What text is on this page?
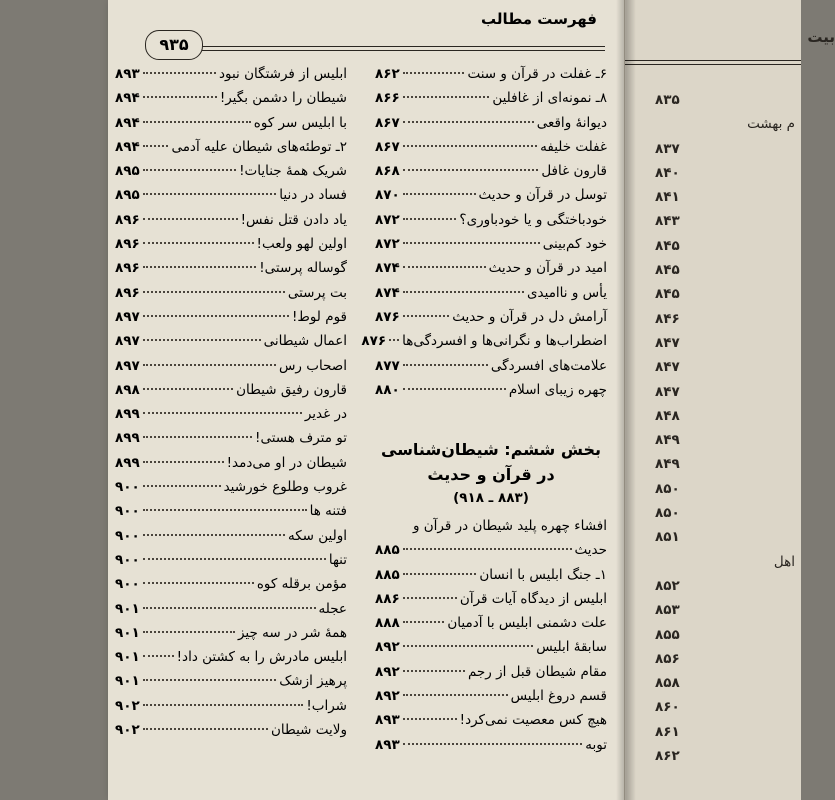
بیت
۸۳۵
م بهشت
۸۳۷
۸۴۰
۸۴۱
۸۴۳
۸۴۵
۸۴۵
۸۴۵
۸۴۶
۸۴۷
۸۴۷
۸۴۷
۸۴۸
۸۴۹
۸۴۹
۸۵۰
۸۵۰
۸۵۱
اهل
۸۵۲
۸۵۳
۸۵۵
۸۵۶
۸۵۸
۸۶۰
۸۶۱
۸۶۲
فهرست مطالب
۹۳۵
۶ـ غفلت در قرآن و سنت
۸۶۲
۸ـ نمونه‌ای از غافلین
۸۶۶
دیوانهٔ واقعی
۸۶۷
غفلت خلیفه
۸۶۷
قارون غافل
۸۶۸
توسل در قرآن و حدیث
۸۷۰
خودباختگی و یا خودباوری؟
۸۷۲
خود کم‌بینی
۸۷۲
امید در قرآن و حدیث
۸۷۴
یأس و ناامیدی
۸۷۴
آرامش دل در قرآن و حدیث
۸۷۶
اضطراب‌ها و نگرانی‌ها و افسردگی‌ها
۸۷۶
علامت‌های افسردگی
۸۷۷
چهره زیبای اسلام
۸۸۰
بخش ششم: شیطان‌شناسی
در قرآن و حدیث
(۸۸۳ ـ ۹۱۸)
افشاء چهره پلید شیطان در قرآن و
حدیث
۸۸۵
۱ـ جنگ ابلیس با انسان
۸۸۵
ابلیس از دیدگاه آیات قرآن
۸۸۶
علت دشمنی ابلیس با آدمیان
۸۸۸
سابقهٔ ابلیس
۸۹۲
مقام شیطان قبل از رجم
۸۹۲
قسم دروغ ابلیس
۸۹۲
هیچ کس معصیت نمی‌کرد!
۸۹۳
توبه
۸۹۳
ابلیس از فرشتگان نبود
۸۹۳
شیطان را دشمن بگیر!
۸۹۴
با ابلیس سر کوه
۸۹۴
۲ـ توطئه‌های شیطان علیه آدمی
۸۹۴
شریک همهٔ جنایات!
۸۹۵
فساد در دنیا
۸۹۵
یاد دادن قتل نفس!
۸۹۶
اولین لهو ولعب!
۸۹۶
گوساله پرستی!
۸۹۶
بت پرستی
۸۹۶
قوم لوط!
۸۹۷
اعمال شیطانی
۸۹۷
اصحاب رس
۸۹۷
قارون رفیق شیطان
۸۹۸
در غدیر
۸۹۹
تو مترف هستی!
۸۹۹
شیطان در او می‌دمد!
۸۹۹
غروب وطلوع خورشید
۹۰۰
فتنه ها
۹۰۰
اولین سکه
۹۰۰
تنها
۹۰۰
مؤمن برقله کوه
۹۰۰
عجله
۹۰۱
همهٔ شر در سه چیز
۹۰۱
ابلیس مادرش را به کشتن داد!
۹۰۱
پرهیز ازشک
۹۰۱
شراب!
۹۰۲
ولایت شیطان
۹۰۲
